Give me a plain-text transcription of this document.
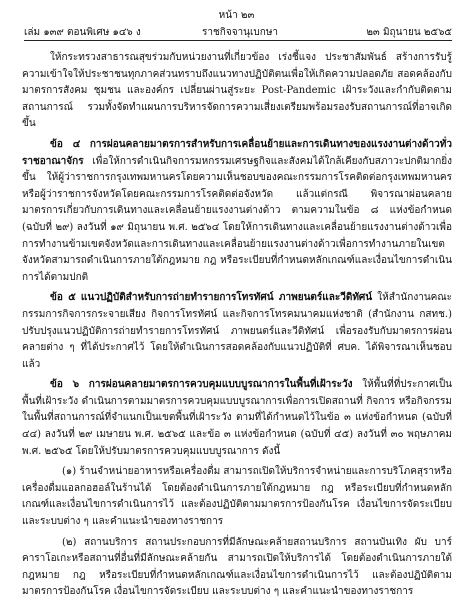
หน้า ๒๓
เล่ม ๑๓๙ ตอนพิเศษ ๑๔๖ ง	ราชกิจจานุเบกษา	๒๓ มิถุนายน ๒๕๖๕

ให้กระทรวงสาธารณสุขร่วมกับหน่วยงานที่เกี่ยวข้อง เร่งชี้แจง ประชาสัมพันธ์ สร้างการรับรู้ความเข้าใจให้ประชาชนทุกภาคส่วนทราบถึงแนวทางปฏิบัติตนเพื่อให้เกิดความปลอดภัย สอดคล้องกับมาตรการสังคม ชุมชน และองค์กร เปลี่ยนผ่านสู่ระยะ Post-Pandemic เฝ้าระวังและกำกับติดตามสถานการณ์ รวมทั้งจัดทำแผนการบริหารจัดการความเสี่ยงเตรียมพร้อมรองรับสถานการณ์ที่อาจเกิดขึ้น

ข้อ ๔ การผ่อนคลายมาตรการสำหรับการเคลื่อนย้ายและการเดินทางของแรงงานต่างด้าวทั่วราชอาณาจักร เพื่อให้การดำเนินกิจการมหกรรมเศรษฐกิจและสังคมได้ใกล้เคียงกับสภาวะปกติมากยิ่งขึ้น ให้ผู้ว่าราชการกรุงเทพมหานครโดยความเห็นชอบของคณะกรรมการโรคติดต่อกรุงเทพมหานคร หรือผู้ว่าราชการจังหวัดโดยคณะกรรมการโรคติดต่อจังหวัด แล้วแต่กรณี พิจารณาผ่อนคลายมาตรการเกี่ยวกับการเดินทางและเคลื่อนย้ายแรงงานต่างด้าว ตามความในข้อ ๘ แห่งข้อกำหนด (ฉบับที่ ๒๙) ลงวันที่ ๑๙ มิถุนายน พ.ศ. ๒๕๖๔ โดยให้การเดินทางและเคลื่อนย้ายแรงงานต่างด้าวเพื่อการทำงานข้ามเขตจังหวัดและการเดินทางและเคลื่อนย้ายแรงงานต่างด้าวเพื่อการทำงานภายในเขตจังหวัดสามารถดำเนินการภายใต้กฎหมาย กฎ หรือระเบียบที่กำหนดหลักเกณฑ์และเงื่อนไขการดำเนินการได้ตามปกติ

ข้อ ๕ แนวปฏิบัติสำหรับการถ่ายทำรายการโทรทัศน์ ภาพยนตร์และวีดิทัศน์ ให้สำนักงานคณะกรรมการกิจการกระจายเสียง กิจการโทรทัศน์ และกิจการโทรคมนาคมแห่งชาติ (สำนักงาน กสทช.) ปรับปรุงแนวปฏิบัติการถ่ายทำรายการโทรทัศน์ ภาพยนตร์และวีดิทัศน์ เพื่อรองรับกับมาตรการผ่อนคลายต่าง ๆ ที่ได้ประกาศไว้ โดยให้ดำเนินการสอดคล้องกับแนวปฏิบัติที่ ศบค. ได้พิจารณาเห็นชอบแล้ว

ข้อ ๖ การผ่อนคลายมาตรการควบคุมแบบบูรณาการในพื้นที่เฝ้าระวัง ให้พื้นที่ที่ประกาศเป็นพื้นที่เฝ้าระวัง ดำเนินการตามมาตรการควบคุมแบบบูรณาการเพื่อการเปิดสถานที่ กิจการ หรือกิจกรรมในพื้นที่สถานการณ์ที่จำแนกเป็นเขตพื้นที่เฝ้าระวัง ตามที่ได้กำหนดไว้ในข้อ ๓ แห่งข้อกำหนด (ฉบับที่ ๔๔) ลงวันที่ ๒๙ เมษายน พ.ศ. ๒๕๖๕ และข้อ ๓ แห่งข้อกำหนด (ฉบับที่ ๔๕) ลงวันที่ ๓๐ พฤษภาคม พ.ศ. ๒๕๖๕ โดยให้ปรับมาตรการควบคุมแบบบูรณาการ ดังนี้

(๑) ร้านจำหน่ายอาหารหรือเครื่องดื่ม สามารถเปิดให้บริการจำหน่ายและการบริโภคสุราหรือเครื่องดื่มแอลกอฮอล์ในร้านได้ โดยต้องดำเนินการภายใต้กฎหมาย กฎ หรือระเบียบที่กำหนดหลักเกณฑ์และเงื่อนไขการดำเนินการไว้ และต้องปฏิบัติตามมาตรการป้องกันโรค เงื่อนไขการจัดระเบียบ และระบบต่าง ๆ และคำแนะนำของทางราชการ

(๒) สถานบริการ สถานประกอบการที่มีลักษณะคล้ายสถานบริการ สถานบันเทิง ผับ บาร์ คาราโอเกะหรือสถานที่อื่นที่มีลักษณะคล้ายกัน สามารถเปิดให้บริการได้ โดยต้องดำเนินการภายใต้กฎหมาย กฎ หรือระเบียบที่กำหนดหลักเกณฑ์และเงื่อนไขการดำเนินการไว้ และต้องปฏิบัติตามมาตรการป้องกันโรค เงื่อนไขการจัดระเบียบ และระบบต่าง ๆ และคำแนะนำของทางราชการ
